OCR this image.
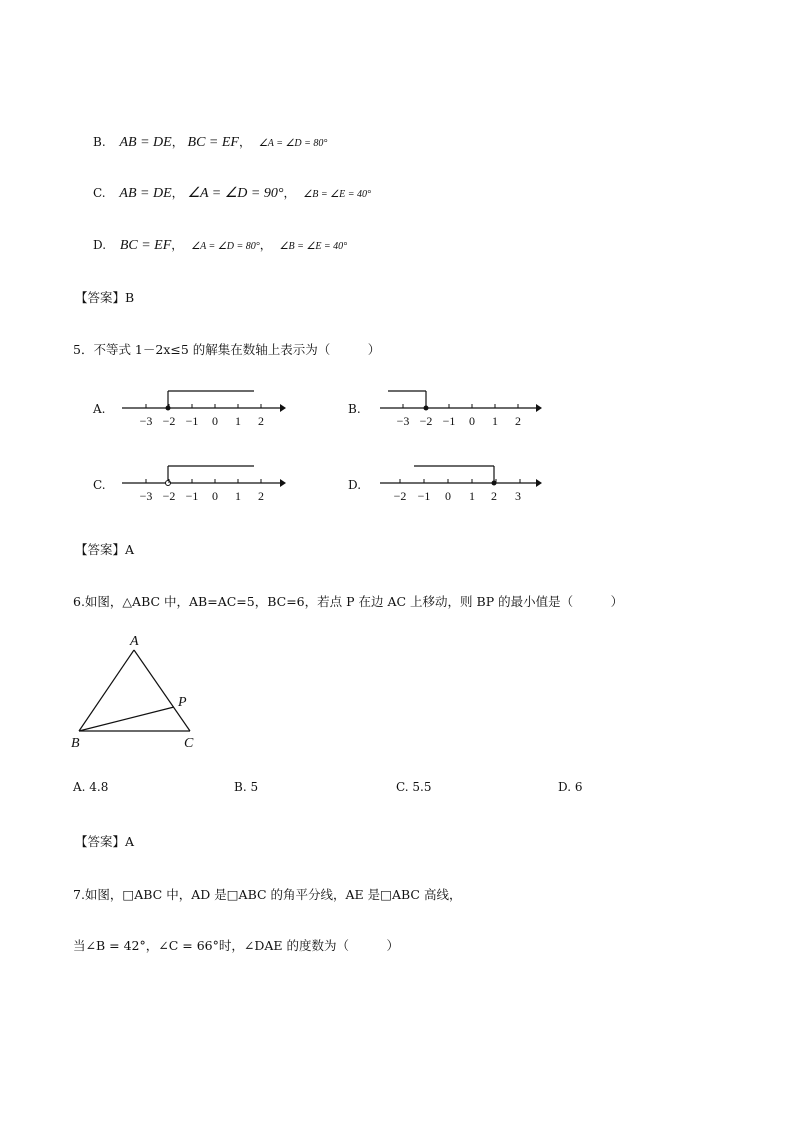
B. AB = DE， BC = EF， ∠A = ∠D = 80°
C. AB = DE， ∠A = ∠D = 90°， ∠B = ∠E = 40°
D. BC = EF， ∠A = ∠D = 80°， ∠B = ∠E = 40°
【答案】B
5．不等式 1－2x≤5 的解集在数轴上表示为（　　　）
A.
−3 −2 −1 0 1 2
B.
−3 −2 −1 0 1 2
C.
−3 −2 −1 0 1 2
D.
−2 −1 0 1 2 3
【答案】A
6.如图，△ABC 中，AB=AC=5，BC=6，若点 P 在边 AC 上移动，则 BP 的最小值是（　　　）
A
B	C
P
A. 4.8	B. 5	C. 5.5	D. 6
【答案】A
7.如图，□ABC 中，AD 是□ABC 的角平分线，AE 是□ABC 高线，
当∠B = 42°，∠C = 66°时，∠DAE 的度数为（　　　）
